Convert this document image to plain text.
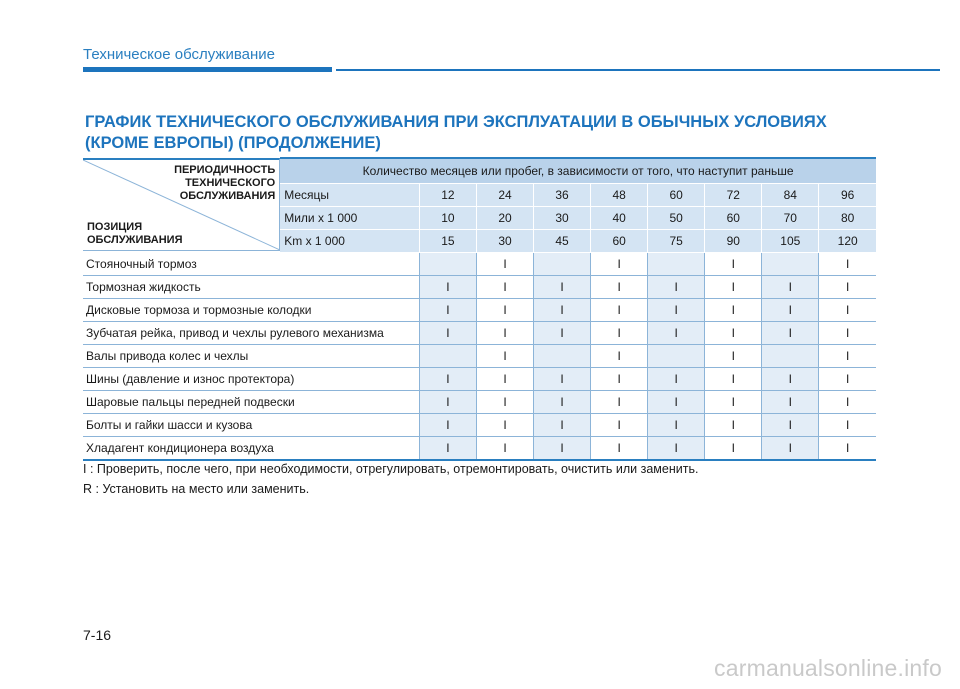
Техническое обслуживание
ГРАФИК ТЕХНИЧЕСКОГО ОБСЛУЖИВАНИЯ ПРИ ЭКСПЛУАТАЦИИ В ОБЫЧНЫХ УСЛОВИЯХ
(КРОМЕ ЕВРОПЫ) (ПРОДОЛЖЕНИЕ)
ПЕРИОДИЧНОСТЬ
ТЕХНИЧЕСКОГО
ОБСЛУЖИВАНИЯ
ПОЗИЦИЯ
ОБСЛУЖИВАНИЯ	Количество месяцев или пробег, в зависимости от того, что наступит раньше								
	Месяцы	12	24	36	48	60	72	84	96
	Мили x 1 000	10	20	30	40	50	60	70	80
	Km x 1 000	15	30	45	60	75	90	105	120
Стояночный тормоз			I		I		I		I
Тормозная жидкость		I	I	I	I	I	I	I	I
Дисковые тормоза и тормозные колодки		I	I	I	I	I	I	I	I
Зубчатая рейка, привод и чехлы рулевого механизма		I	I	I	I	I	I	I	I
Валы привода колес и чехлы			I		I		I		I
Шины (давление и износ протектора)		I	I	I	I	I	I	I	I
Шаровые пальцы передней подвески		I	I	I	I	I	I	I	I
Болты и гайки шасси и кузова		I	I	I	I	I	I	I	I
Хладагент кондиционера воздуха		I	I	I	I	I	I	I	I
I : Проверить, после чего, при необходимости, отрегулировать, отремонтировать, очистить или заменить.
R : Установить на место или заменить.
7-16
carmanualsonline.info
